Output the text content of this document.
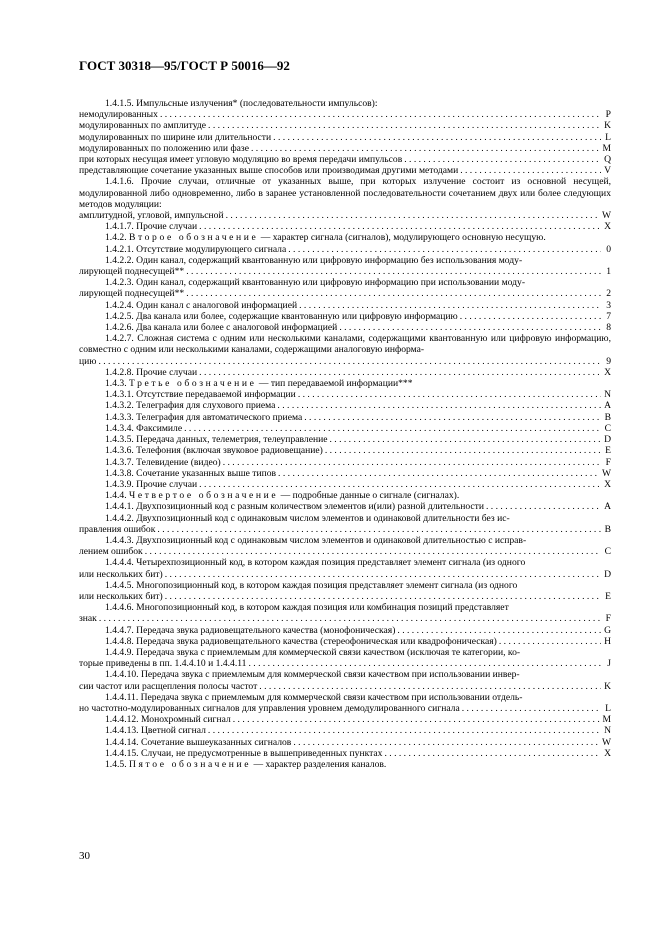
ГОСТ 30318—95/ГОСТ Р 50016—92
1.4.1.5. Импульсные излучения* (последовательности импульсов):
немодулированных . . .	P
модулированных по амплитуде . . .	K
модулированных по ширине или длительности . . .	L
модулированных по положению или фазе . . .	M
при которых несущая имеет угловую модуляцию во время передачи импульсов . . .	Q
представляющие сочетание указанных выше способов или производимая другими методами . . .	V
1.4.1.6. Прочие случаи, отличные от указанных выше, при которых излучение состоит из основной несущей, модулированной либо одновременно, либо в заранее установленной последовательности сочетанием двух или более следующих методов модуляции:
амплитудной, угловой, импульсной . . .	W
1.4.1.7. Прочие случаи . . .	X
1.4.2. Второе обозначение — характер сигнала (сигналов), модулирующего основную несущую.
1.4.2.1. Отсутствие модулирующего сигнала . . .	0
1.4.2.2. Один канал, содержащий квантованную или цифровую информацию без использования моду-
лирующей поднесущей** . . .	1
1.4.2.3. Один канал, содержащий квантованную или цифровую информацию при использовании моду-
лирующей поднесущей** . . .	2
1.4.2.4. Один канал с аналоговой информацией . . .	3
1.4.2.5. Два канала или более, содержащие квантованную или цифровую информацию . . .	7
1.4.2.6. Два канала или более с аналоговой информацией . . .	8
1.4.2.7. Сложная система с одним или несколькими каналами, содержащими квантованную или цифровую информацию, совместно с одним или несколькими каналами, содержащими аналоговую информа-
цию . . .	9
1.4.2.8. Прочие случаи . . .	X
1.4.3. Третье обозначение — тип передаваемой информации***
1.4.3.1. Отсутствие передаваемой информации . . .	N
1.4.3.2. Телеграфия для слухового приема . . .	A
1.4.3.3. Телеграфия для автоматического приема . . .	B
1.4.3.4. Факсимиле . . .	C
1.4.3.5. Передача данных, телеметрия, телеуправление . . .	D
1.4.3.6. Телефония (включая звуковое радиовещание) . . .	E
1.4.3.7. Телевидение (видео) . . .	F
1.4.3.8. Сочетание указанных выше типов . . .	W
1.4.3.9. Прочие случаи . . .	X
1.4.4. Четвертое обозначение — подробные данные о сигнале (сигналах).
1.4.4.1. Двухпозиционный код с разным количеством элементов и(или) разной длительности . . .	A
1.4.4.2. Двухпозиционный код с одинаковым числом элементов и одинаковой длительности без ис-
правления ошибок . . .	B
1.4.4.3. Двухпозиционный код с одинаковым числом элементов и одинаковой длительностью с исправ-
лением ошибок . . .	C
1.4.4.4. Четырехпозиционный код, в котором каждая позиция представляет элемент сигнала (из одного
или нескольких бит) . . .	D
1.4.4.5. Многопозиционный код, в котором каждая позиция представляет элемент сигнала (из одного
или нескольких бит) . . .	E
1.4.4.6. Многопозиционный код, в котором каждая позиция или комбинация позиций представляет
знак . . .	F
1.4.4.7. Передача звука радиовещательного качества (монофоническая) . . .	G
1.4.4.8. Передача звука радиовещательного качества (стереофоническая или квадрофоническая) . . .	H
1.4.4.9. Передача звука с приемлемым для коммерческой связи качеством (исключая те категории, ко-
торые приведены в пп. 1.4.4.10 и 1.4.4.11 . . .	J
1.4.4.10. Передача звука с приемлемым для коммерческой связи качеством при использовании инвер-
сии частот или расщепления полосы частот . . .	K
1.4.4.11. Передача звука с приемлемым для коммерческой связи качеством при использовании отдель-
но частотно-модулированных сигналов для управления уровнем демодулированного сигнала . . .	L
1.4.4.12. Монохромный сигнал . . .	M
1.4.4.13. Цветной сигнал . . .	N
1.4.4.14. Сочетание вышеуказанных сигналов . . .	W
1.4.4.15. Случаи, не предусмотренные в вышеприведенных пунктах . . .	X
1.4.5. Пятое обозначение — характер разделения каналов.
30
